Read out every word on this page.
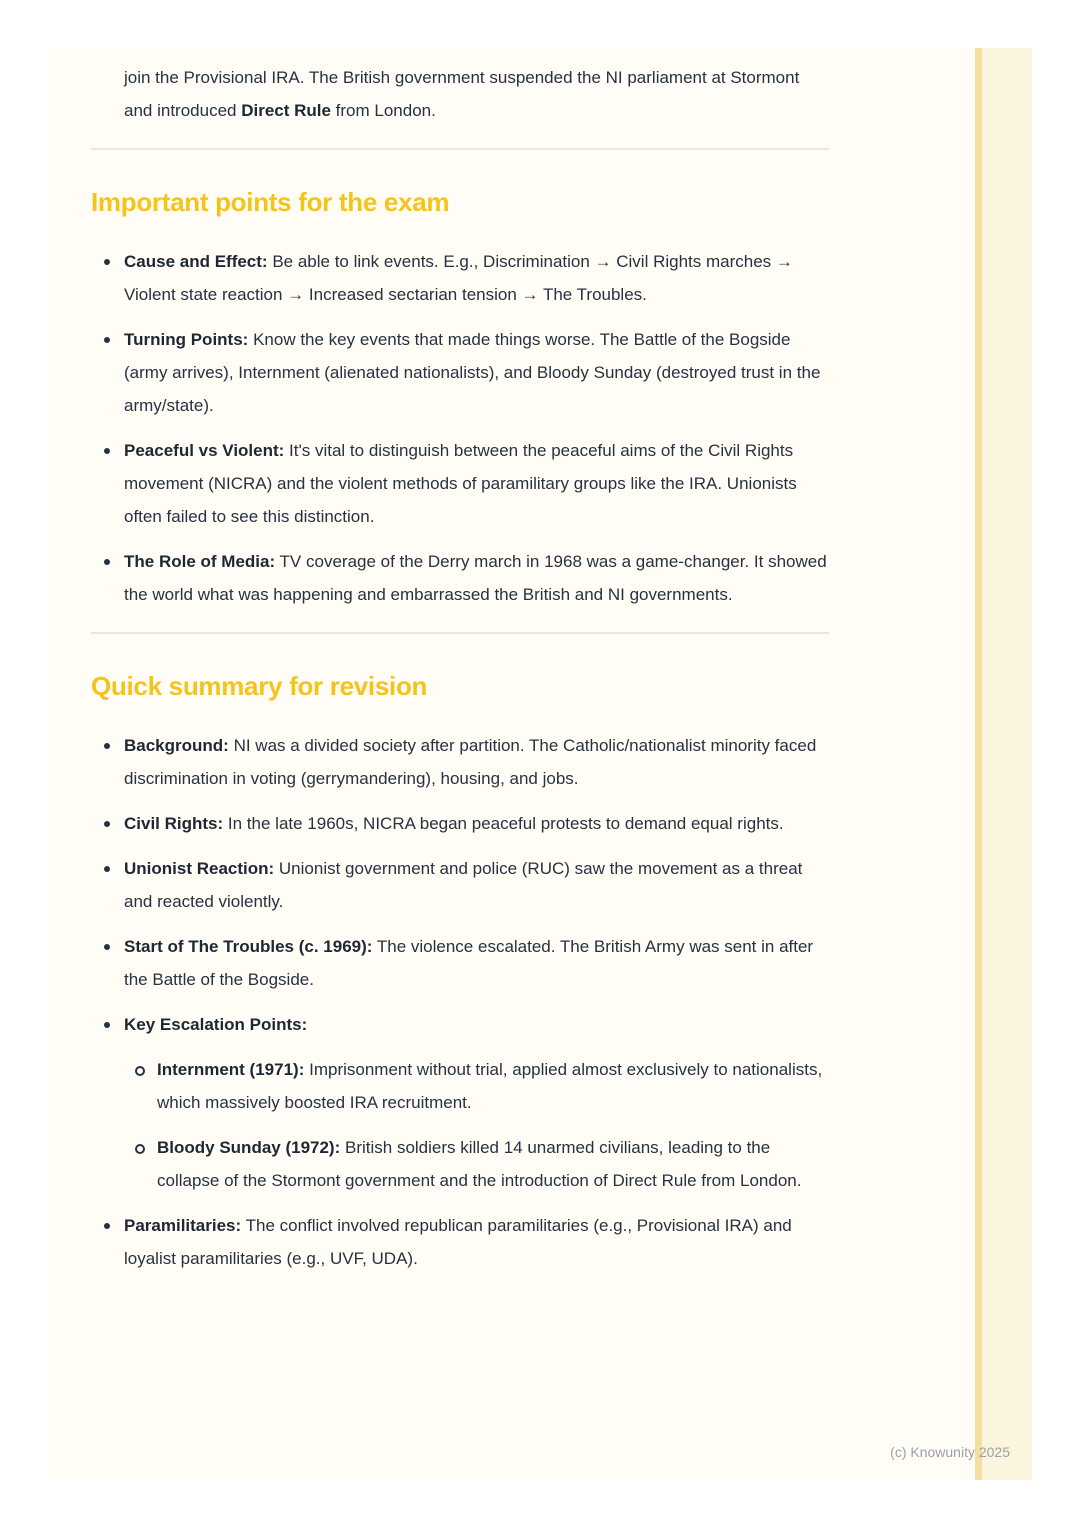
join the Provisional IRA. The British government suspended the NI parliament at Stormont and introduced Direct Rule from London.

Important points for the exam
Cause and Effect: Be able to link events. E.g., Discrimination → Civil Rights marches → Violent state reaction → Increased sectarian tension → The Troubles.
Turning Points: Know the key events that made things worse. The Battle of the Bogside (army arrives), Internment (alienated nationalists), and Bloody Sunday (destroyed trust in the army/state).
Peaceful vs Violent: It's vital to distinguish between the peaceful aims of the Civil Rights movement (NICRA) and the violent methods of paramilitary groups like the IRA. Unionists often failed to see this distinction.
The Role of Media: TV coverage of the Derry march in 1968 was a game-changer. It showed the world what was happening and embarrassed the British and NI governments.
Quick summary for revision
Background: NI was a divided society after partition. The Catholic/nationalist minority faced discrimination in voting (gerrymandering), housing, and jobs.
Civil Rights: In the late 1960s, NICRA began peaceful protests to demand equal rights.
Unionist Reaction: Unionist government and police (RUC) saw the movement as a threat and reacted violently.
Start of The Troubles (c. 1969): The violence escalated. The British Army was sent in after the Battle of the Bogside.
Key Escalation Points:
Internment (1971): Imprisonment without trial, applied almost exclusively to nationalists, which massively boosted IRA recruitment.
Bloody Sunday (1972): British soldiers killed 14 unarmed civilians, leading to the collapse of the Stormont government and the introduction of Direct Rule from London.
Paramilitaries: The conflict involved republican paramilitaries (e.g., Provisional IRA) and loyalist paramilitaries (e.g., UVF, UDA).
(c) Knowunity 2025
